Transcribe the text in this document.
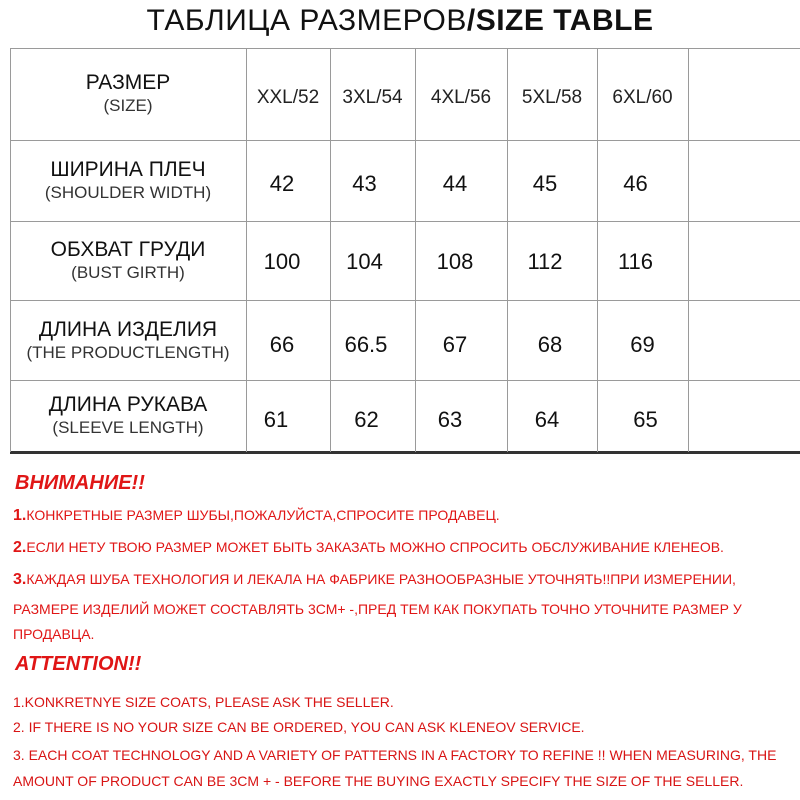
ТАБЛИЦА РАЗМЕРОВ/SIZE TABLE
РАЗМЕР
(SIZE)	XXL/52	3XL/54	4XL/56	5XL/58	6XL/60
ШИРИНА ПЛЕЧ
(SHOULDER WIDTH)	42	43	44	45	46
ОБХВАТ ГРУДИ
(BUST GIRTH)	100	104	108	112	116
ДЛИНА ИЗДЕЛИЯ
(THE PRODUCTLENGTH)	66	66.5	67	68	69
ДЛИНА РУКАВА
(SLEEVE LENGTH)	61	62	63	64	65
ВНИМАНИЕ!!
1.КОНКРЕТНЫЕ РАЗМЕР ШУБЫ,ПОЖАЛУЙСТА,СПРОСИТЕ ПРОДАВЕЦ.
2.ЕСЛИ НЕТУ ТВОЮ РАЗМЕР МОЖЕТ БЫТЬ ЗАКАЗАТЬ МОЖНО СПРОСИТЬ ОБСЛУЖИВАНИЕ КЛЕНЕОВ.
3.КАЖДАЯ ШУБА ТЕХНОЛОГИЯ И ЛЕКАЛА НА ФАБРИКЕ РАЗНООБРАЗНЫЕ УТОЧНЯТЬ!!ПРИ ИЗМЕРЕНИИ,
РАЗМЕРЕ ИЗДЕЛИЙ МОЖЕТ СОСТАВЛЯТЬ 3СМ+ -,ПРЕД ТЕМ КАК ПОКУПАТЬ ТОЧНО УТОЧНИТЕ РАЗМЕР У
ПРОДАВЦА.
ATTENTION!!
1.KONKRETNYE SIZE COATS, PLEASE ASK THE SELLER.
2. IF THERE IS NO YOUR SIZE CAN BE ORDERED, YOU CAN ASK KLENEOV SERVICE.
3. EACH COAT TECHNOLOGY AND A VARIETY OF PATTERNS IN A FACTORY TO REFINE !! WHEN MEASURING, THE
AMOUNT OF PRODUCT CAN BE 3CM + - BEFORE THE BUYING EXACTLY SPECIFY THE SIZE OF THE SELLER.
